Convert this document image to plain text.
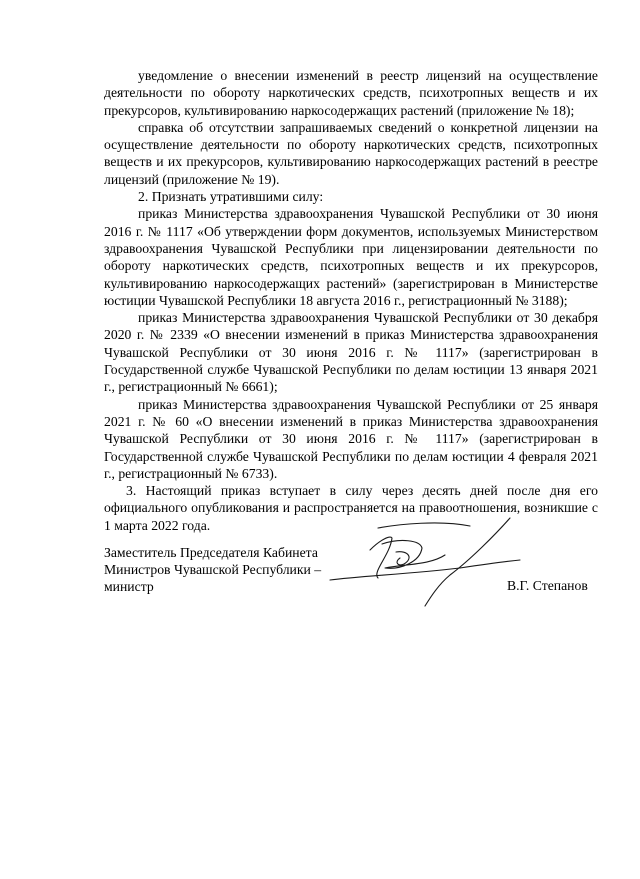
уведомление о внесении изменений в реестр лицензий на осуществление деятельности по обороту наркотических средств, психотропных веществ и их прекурсоров, культивированию наркосодержащих растений (приложение № 18);

справка об отсутствии запрашиваемых сведений о конкретной лицензии на осуществление деятельности по обороту наркотических средств, психотропных веществ и их прекурсоров, культивированию наркосодержащих растений в реестре лицензий (приложение № 19).

2. Признать утратившими силу:

приказ Министерства здравоохранения Чувашской Республики от 30 июня 2016 г. № 1117 «Об утверждении форм документов, используемых Министерством здравоохранения Чувашской Республики при лицензировании деятельности по обороту наркотических средств, психотропных веществ и их прекурсоров, культивированию наркосодержащих растений» (зарегистрирован в Министерстве юстиции Чувашской Республики 18 августа 2016 г., регистрационный № 3188);

приказ Министерства здравоохранения Чувашской Республики от 30 декабря 2020 г. № 2339 «О внесении изменений в приказ Министерства здравоохранения Чувашской Республики от 30 июня 2016 г. № 1117» (зарегистрирован в Государственной службе Чувашской Республики по делам юстиции 13 января 2021 г., регистрационный № 6661);

приказ Министерства здравоохранения Чувашской Республики от 25 января 2021 г. № 60 «О внесении изменений в приказ Министерства здравоохранения Чувашской Республики от 30 июня 2016 г. № 1117» (зарегистрирован в Государственной службе Чувашской Республики по делам юстиции 4 февраля 2021 г., регистрационный № 6733).

3. Настоящий приказ вступает в силу через десять дней после дня его официального опубликования и распространяется на правоотношения, возникшие с 1 марта 2022 года.

Заместитель Председателя Кабинета
Министров Чувашской Республики –
министр	В.Г. Степанов
